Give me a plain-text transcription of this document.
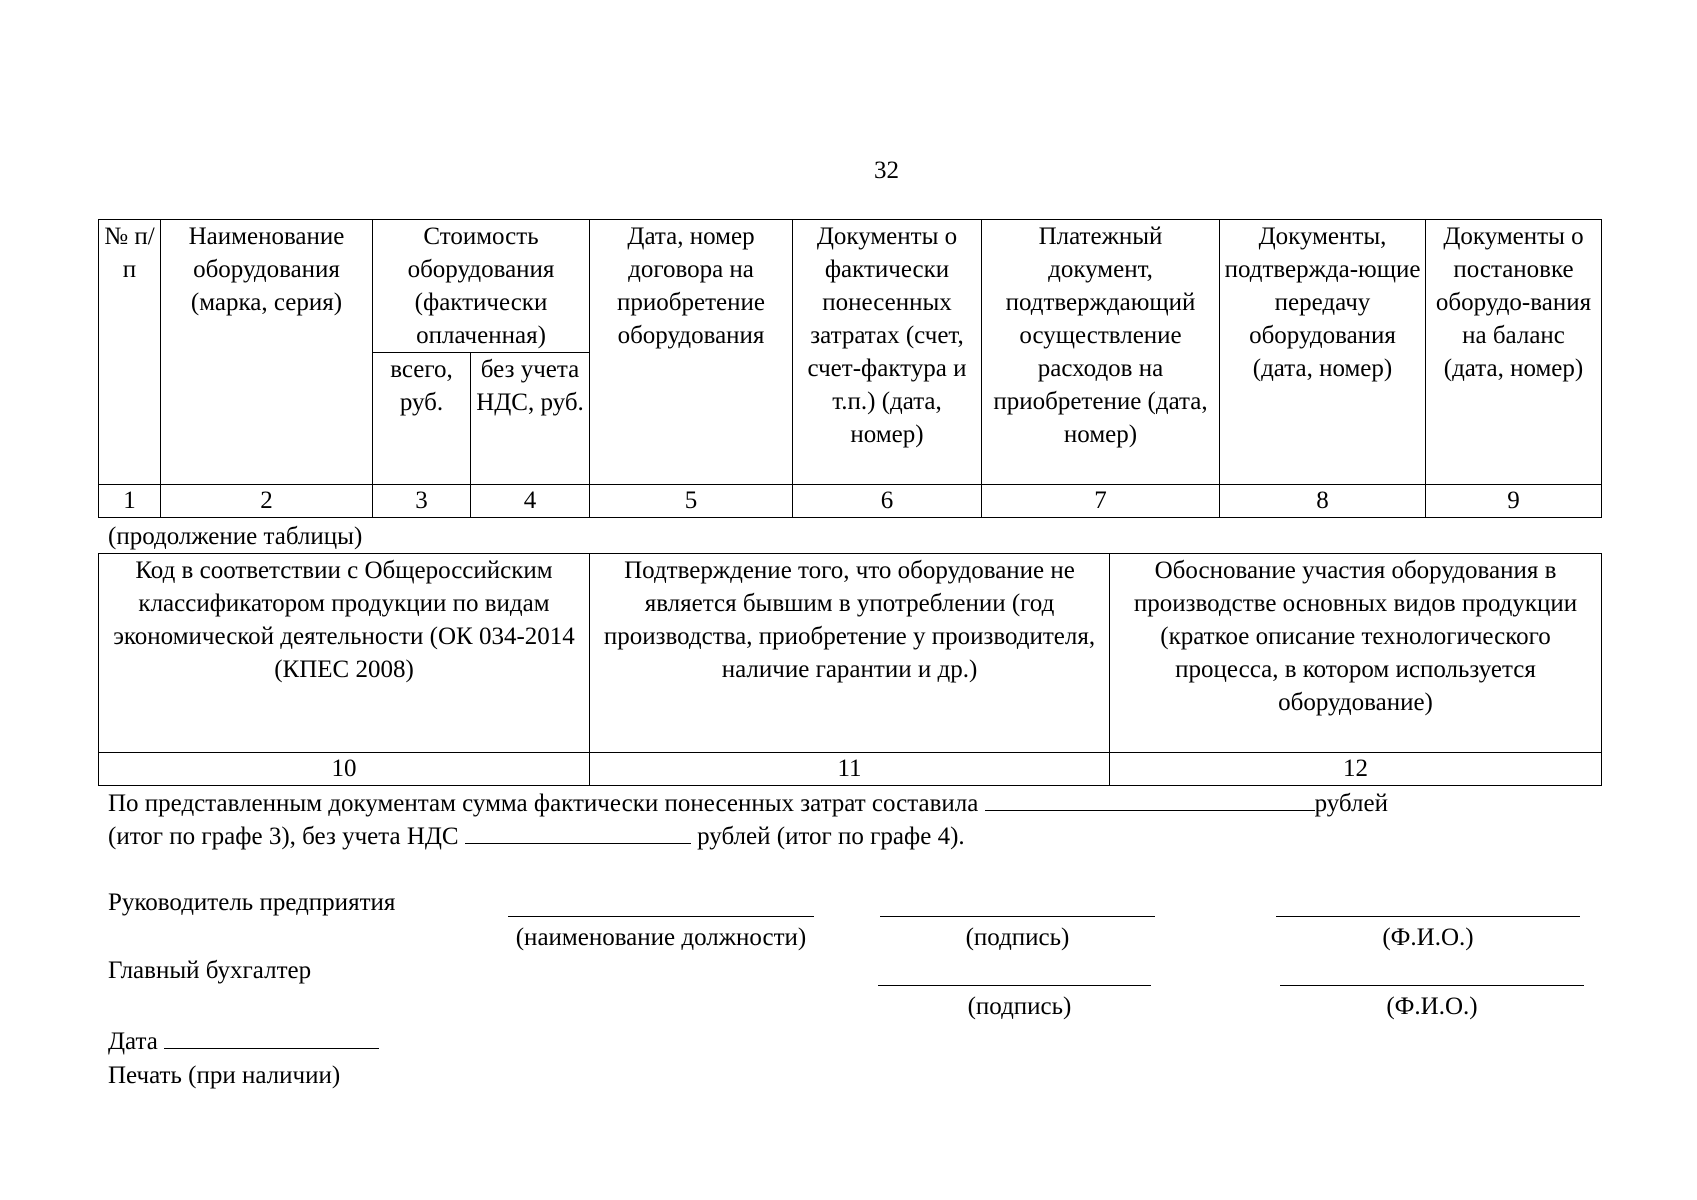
32
№ п/п	Наименование оборудования (марка, серия)	Стоимость оборудования (фактически оплаченная)		Дата, номер договора на приобретение оборудования	Документы о фактически понесенных затратах (счет, счет-фактура и т.п.) (дата, номер)	Платежный документ, подтверждающий осуществление расходов на приобретение (дата, номер)	Документы, подтвержда-ющие передачу оборудования (дата, номер)	Документы о постановке оборудо-вания на баланс (дата, номер)
		всего, руб.	без учета НДС, руб.					
1	2	3	4	5	6	7	8	9
(продолжение таблицы)
Код в соответствии с Общероссийским классификатором продукции по видам экономической деятельности (ОК 034-2014 (КПЕС 2008)	Подтверждение того, что оборудование не является бывшим в употреблении (год производства, приобретение у производителя, наличие гарантии и др.)	Обоснование участия оборудования в производстве основных видов продукции (краткое описание технологического процесса, в котором используется оборудование)
10	11	12
По представленным документам сумма фактически понесенных затрат составила	рублей
(итог по графе 3), без учета НДС	рублей (итог по графе 4).
Руководитель предприятия
(наименование должности)	(подпись)	(Ф.И.О.)
Главный бухгалтер
(подпись)	(Ф.И.О.)
Дата
Печать (при наличии)
